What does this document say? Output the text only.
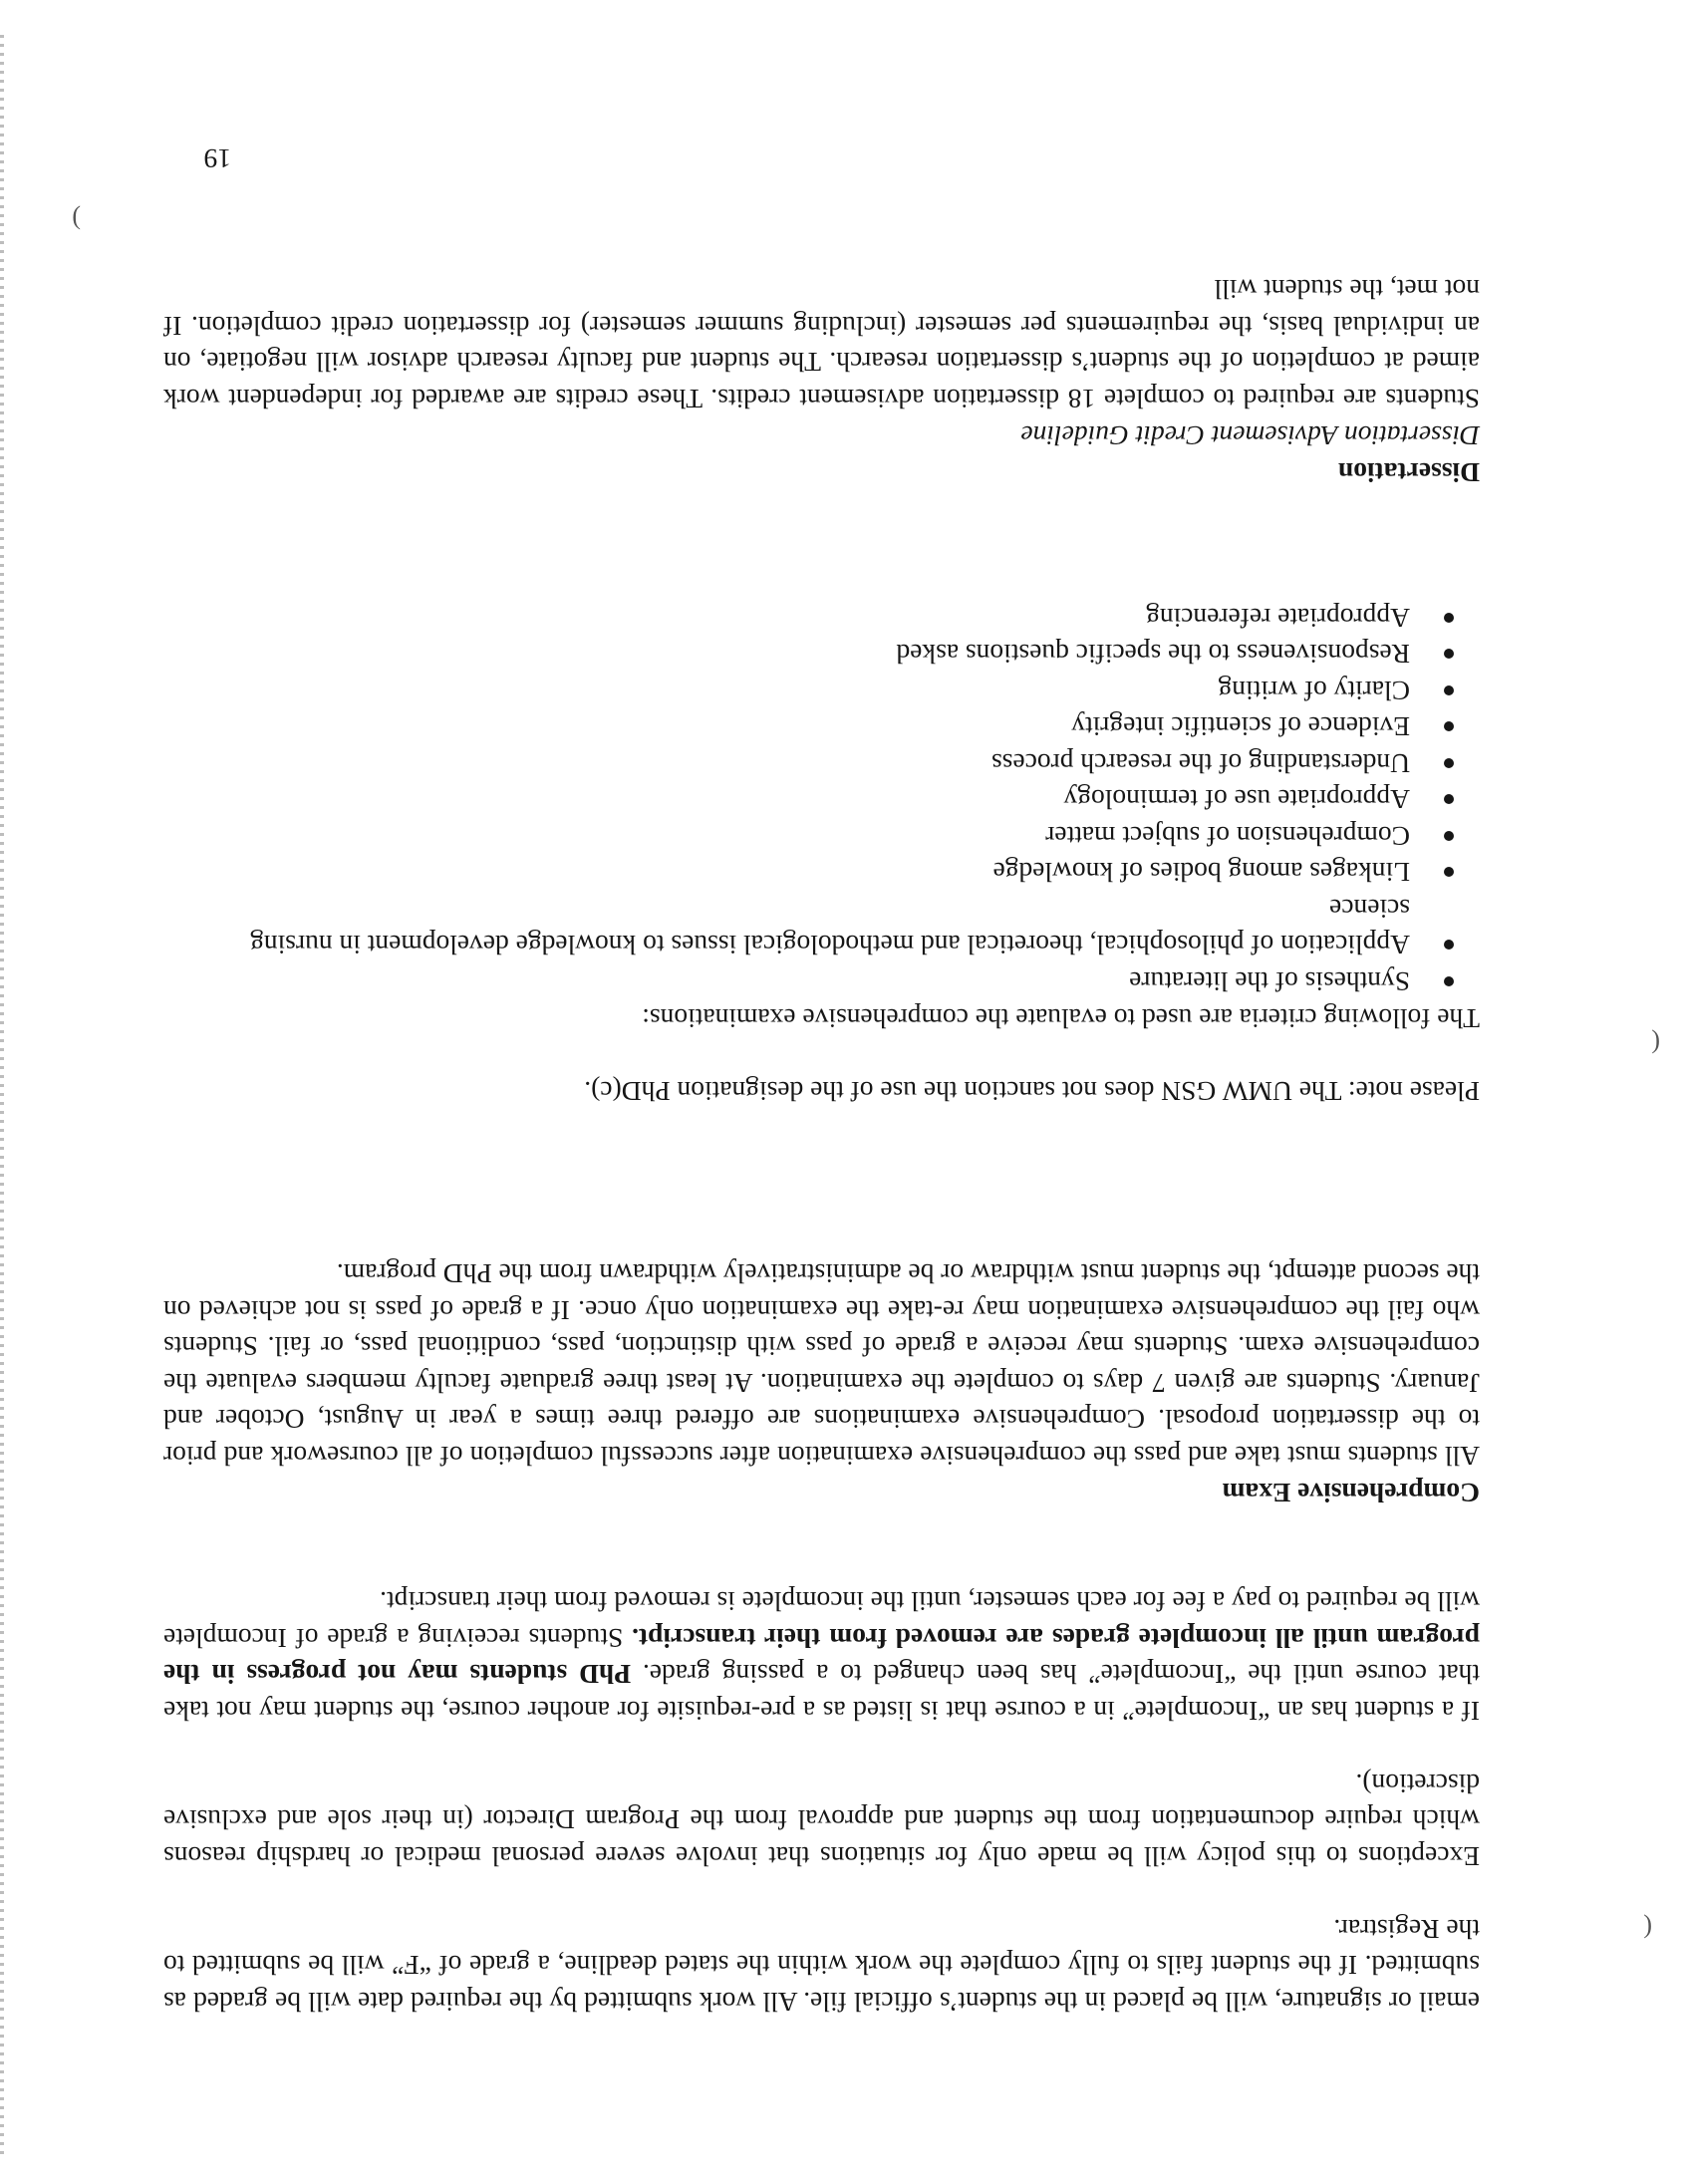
(
(
)

email or signature, will be placed in the student’s official file. All work submitted by the required date will be graded as submitted. If the student fails to fully complete the work within the stated deadline, a grade of “F” will be submitted to the Registrar.

Exceptions to this policy will be made only for situations that involve severe personal medical or hardship reasons which require documentation from the student and approval from the Program Director (in their sole and exclusive discretion).

If a student has an “Incomplete” in a course that is listed as a pre-requisite for another course, the student may not take that course until the “Incomplete” has been changed to a passing grade. PhD students may not progress in the program until all incomplete grades are removed from their transcript. Students receiving a grade of Incomplete will be required to pay a fee for each semester, until the incomplete is removed from their transcript.

Comprehensive Exam

All students must take and pass the comprehensive examination after successful completion of all coursework and prior to the dissertation proposal. Comprehensive examinations are offered three times a year in August, October and January. Students are given 7 days to complete the examination. At least three graduate faculty members evaluate the comprehensive exam. Students may receive a grade of pass with distinction, pass, conditional pass, or fail. Students who fail the comprehensive examination may re-take the examination only once. If a grade of pass is not achieved on the second attempt, the student must withdraw or be administratively withdrawn from the PhD program.

Please note: The UMW GSN does not sanction the use of the designation PhD(c).

The following criteria are used to evaluate the comprehensive examinations:

Synthesis of the literature
Application of philosophical, theoretical and methodological issues to knowledge development in nursing science
Linkages among bodies of knowledge
Comprehension of subject matter
Appropriate use of terminology
Understanding of the research process
Evidence of scientific integrity
Clarity of writing
Responsiveness to the specific questions asked
Appropriate referencing
Dissertation
Dissertation Advisement Credit Guideline

Students are required to complete 18 dissertation advisement credits. These credits are awarded for independent work aimed at completion of the student’s dissertation research. The student and faculty research advisor will negotiate, on an individual basis, the requirements per semester (including summer semester) for dissertation credit completion. If not met, the student will

19
